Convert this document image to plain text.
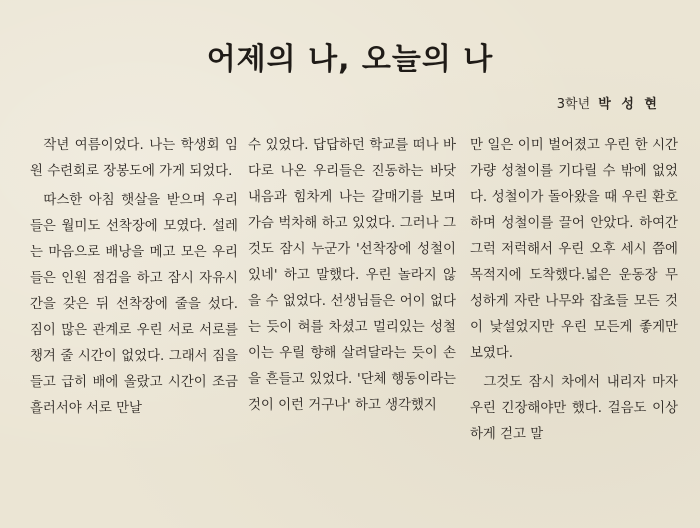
어제의 나, 오늘의 나
3학년 박 성 현

작년 여름이었다. 나는 학생회 임원 수련회로 장봉도에 가게 되었다.

따스한 아침 햇살을 받으며 우리들은 월미도 선착장에 모였다. 설레는 마음으로 배낭을 메고 모은 우리들은 인원 점검을 하고 잠시 자유시간을 갖은 뒤 선착장에 줄을 섰다. 짐이 많은 관계로 우린 서로 서로를 챙겨 줄 시간이 없었다. 그래서 짐을 들고 급히 배에 올랐고 시간이 조금 흘러서야 서로 만날

수 있었다. 답답하던 학교를 떠나 바다로 나온 우리들은 진동하는 바닷 내음과 힘차게 나는 갈매기를 보며 가슴 벅차해 하고 있었다. 그러나 그것도 잠시 누군가 '선착장에 성철이 있네' 하고 말했다. 우린 놀라지 않을 수 없었다. 선생님들은 어이 없다는 듯이 혀를 차셨고 멀리있는 성철이는 우릴 향해 살려달라는 듯이 손을 흔들고 있었다. '단체 행동이라는 것이 이런 거구나' 하고 생각했지

만 일은 이미 벌어졌고 우린 한 시간 가량 성철이를 기다릴 수 밖에 없었다. 성철이가 돌아왔을 때 우린 환호하며 성철이를 끌어 안았다. 하여간 그럭 저럭해서 우린 오후 세시 쯤에 목적지에 도착했다.넓은 운동장 무성하게 자란 나무와 잡초들 모든 것이 낯설었지만 우린 모든게 좋게만 보였다.

그것도 잠시 차에서 내리자 마자 우린 긴장해야만 했다. 걸음도 이상하게 걷고 말
